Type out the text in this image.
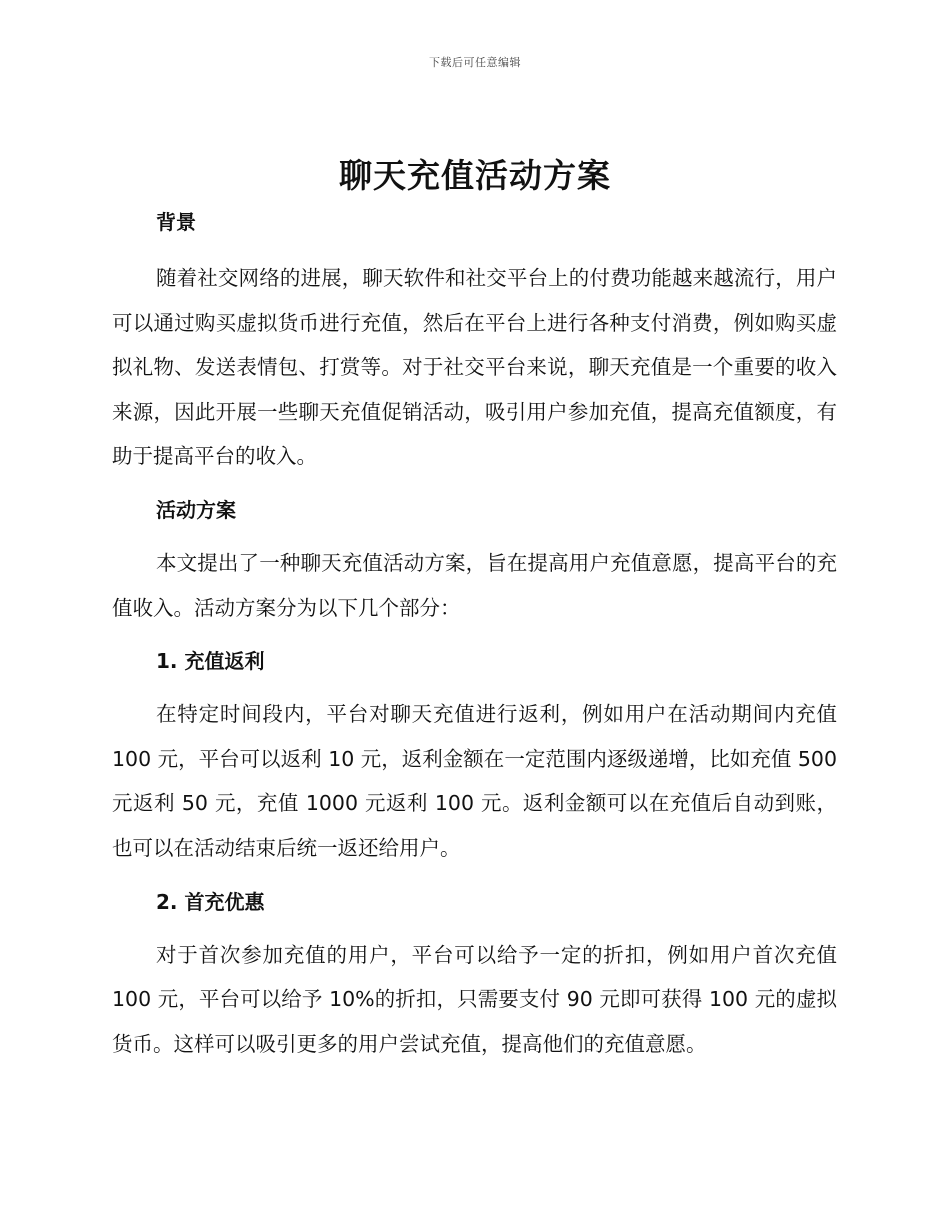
下载后可任意编辑
聊天充值活动方案
背景

随着社交网络的进展，聊天软件和社交平台上的付费功能越来越流行，用户可以通过购买虚拟货币进行充值，然后在平台上进行各种支付消费，例如购买虚拟礼物、发送表情包、打赏等。对于社交平台来说，聊天充值是一个重要的收入来源，因此开展一些聊天充值促销活动，吸引用户参加充值，提高充值额度，有助于提高平台的收入。

活动方案

本文提出了一种聊天充值活动方案，旨在提高用户充值意愿，提高平台的充值收入。活动方案分为以下几个部分：

1. 充值返利

在特定时间段内，平台对聊天充值进行返利，例如用户在活动期间内充值 100 元，平台可以返利 10 元，返利金额在一定范围内逐级递增，比如充值 500 元返利 50 元，充值 1000 元返利 100 元。返利金额可以在充值后自动到账，也可以在活动结束后统一返还给用户。

2. 首充优惠

对于首次参加充值的用户，平台可以给予一定的折扣，例如用户首次充值 100 元，平台可以给予 10%的折扣，只需要支付 90 元即可获得 100 元的虚拟货币。这样可以吸引更多的用户尝试充值，提高他们的充值意愿。
